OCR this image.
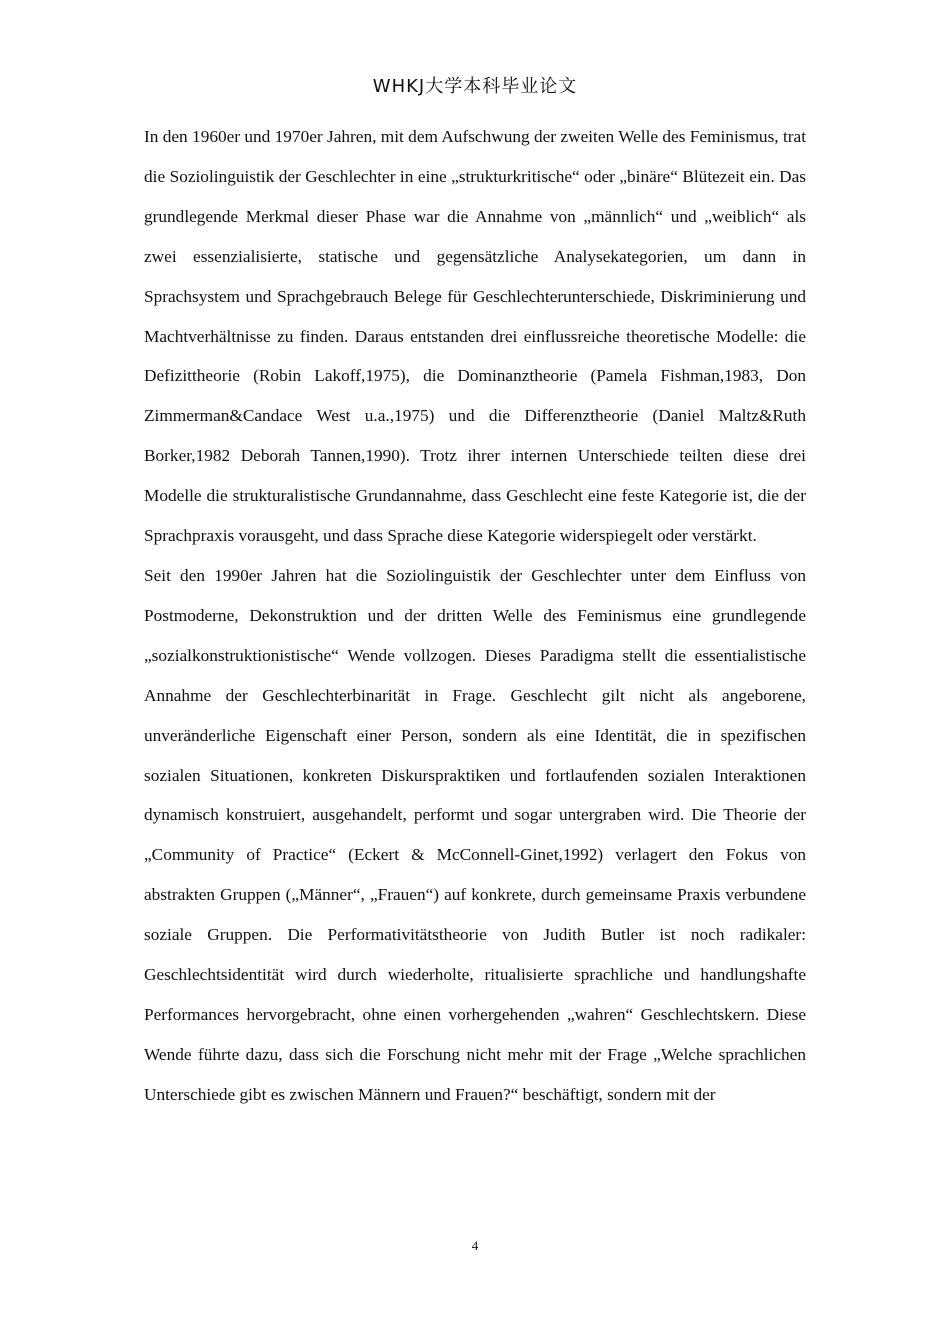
WHKJ大学本科毕业论文

In den 1960er und 1970er Jahren, mit dem Aufschwung der zweiten Welle des Feminismus, trat die Soziolinguistik der Geschlechter in eine „strukturkritische“ oder „binäre“ Blütezeit ein. Das grundlegende Merkmal dieser Phase war die Annahme von „männlich“ und „weiblich“ als zwei essenzialisierte, statische und gegensätzliche Analysekategorien, um dann in Sprachsystem und Sprachgebrauch Belege für Geschlechterunterschiede, Diskriminierung und Machtverhältnisse zu finden. Daraus entstanden drei einflussreiche theoretische Modelle: die Defizittheorie (Robin Lakoff,1975), die Dominanztheorie (Pamela Fishman,1983, Don Zimmerman&Candace West u.a.,1975) und die Differenztheorie (Daniel Maltz&Ruth Borker,1982 Deborah Tannen,1990). Trotz ihrer internen Unterschiede teilten diese drei Modelle die strukturalistische Grundannahme, dass Geschlecht eine feste Kategorie ist, die der Sprachpraxis vorausgeht, und dass Sprache diese Kategorie widerspiegelt oder verstärkt.

Seit den 1990er Jahren hat die Soziolinguistik der Geschlechter unter dem Einfluss von Postmoderne, Dekonstruktion und der dritten Welle des Feminismus eine grundlegende „sozialkonstruktionistische“ Wende vollzogen. Dieses Paradigma stellt die essentialistische Annahme der Geschlechterbinarität in Frage. Geschlecht gilt nicht als angeborene, unveränderliche Eigenschaft einer Person, sondern als eine Identität, die in spezifischen sozialen Situationen, konkreten Diskurspraktiken und fortlaufenden sozialen Interaktionen dynamisch konstruiert, ausgehandelt, performt und sogar untergraben wird. Die Theorie der „Community of Practice“ (Eckert & McConnell-Ginet,1992) verlagert den Fokus von abstrakten Gruppen („Männer“, „Frauen“) auf konkrete, durch gemeinsame Praxis verbundene soziale Gruppen. Die Performativitätstheorie von Judith Butler ist noch radikaler: Geschlechtsidentität wird durch wiederholte, ritualisierte sprachliche und handlungshafte Performances hervorgebracht, ohne einen vorhergehenden „wahren“ Geschlechtskern. Diese Wende führte dazu, dass sich die Forschung nicht mehr mit der Frage „Welche sprachlichen Unterschiede gibt es zwischen Männern und Frauen?“ beschäftigt, sondern mit der

4
